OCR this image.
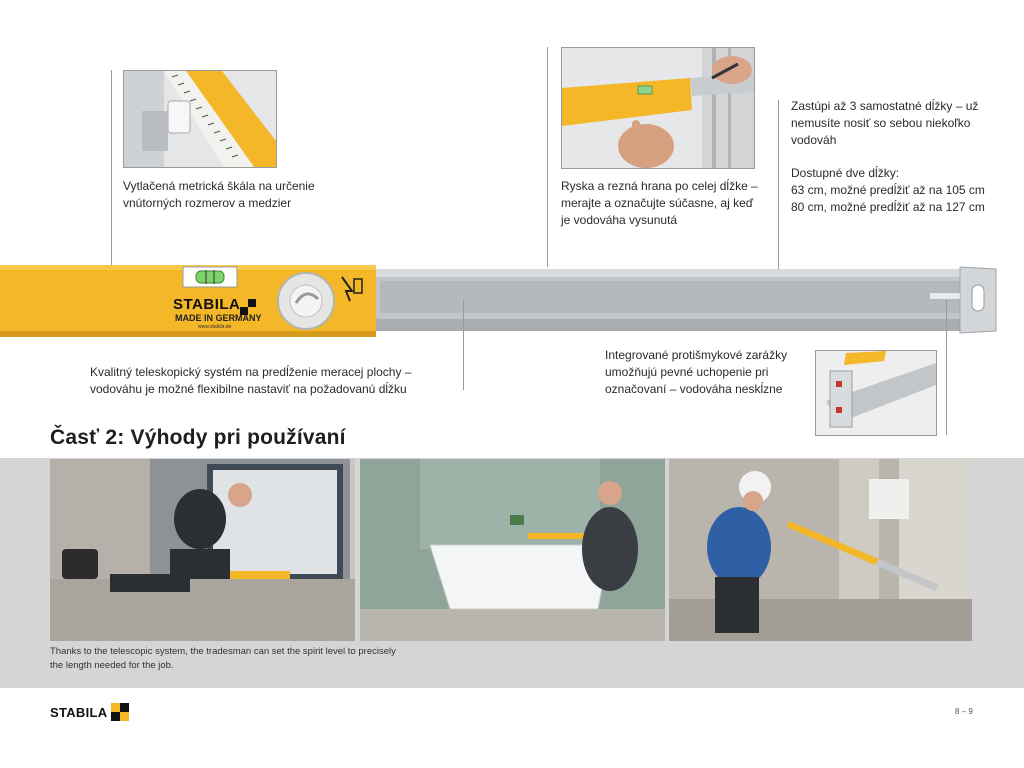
Vytlačená metrická škála na určenie vnútorných rozmerov a medzier
Ryska a rezná hrana po celej dĺžke – merajte a označujte súčasne, aj keď je vodováha vysunutá
Zastúpi až 3 samostatné dĺžky – už nemusíte nosiť so sebou niekoľko vodováh
Dostupné dve dĺžky:
63 cm, možné predĺžiť až na 105 cm
80 cm, možné predĺžiť až na 127 cm
STABILA
MADE IN GERMANY
www.stabila.de
Kvalitný teleskopický systém na predĺženie meracej plochy – vodováhu je možné flexibilne nastaviť na požadovanú dĺžku
Integrované protišmykové zarážky umožňujú pevné uchopenie pri označovaní – vodováha neskĺzne
Časť 2: Výhody pri používaní
Thanks to the telescopic system, the tradesman can set the spirit level to precisely the length needed for the job.
STABILA	8 – 9
